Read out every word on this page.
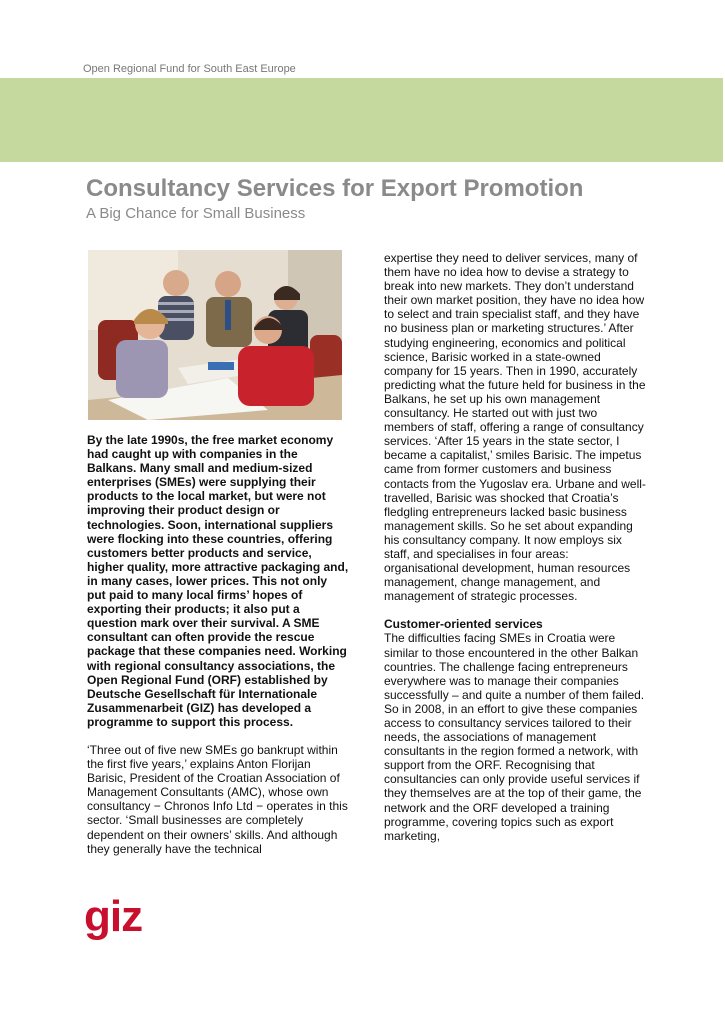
Open Regional Fund for South East Europe
Consultancy Services for Export Promotion
A Big Chance for Small Business

By the late 1990s, the free market economy had caught up with companies in the Balkans. Many small and medium-sized enterprises (SMEs) were supplying their products to the local market, but were not improving their product design or technologies. Soon, international suppliers were flocking into these countries, offering customers better products and service, higher quality, more attractive packaging and, in many cases, lower prices. This not only put paid to many local firms’ hopes of exporting their products; it also put a question mark over their survival. A SME consultant can often provide the rescue package that these companies need. Working with regional consultancy associations, the Open Regional Fund (ORF) established by Deutsche Gesellschaft für Internationale Zusammenarbeit (GIZ) has developed a programme to support this process.

‘Three out of five new SMEs go bankrupt within the first five years,’ explains Anton Florijan Barisic, President of the Croatian Association of Management Consultants (AMC), whose own consultancy − Chronos Info Ltd − operates in this sector. ‘Small businesses are completely dependent on their owners’ skills. And although they generally have the technical

expertise they need to deliver services, many of them have no idea how to devise a strategy to break into new markets. They don’t understand their own market position, they have no idea how to select and train specialist staff, and they have no business plan or marketing structures.’ After studying engineering, economics and political science, Barisic worked in a state-owned company for 15 years. Then in 1990, accurately predicting what the future held for business in the Balkans, he set up his own management consultancy. He started out with just two members of staff, offering a range of consultancy services. ‘After 15 years in the state sector, I became a capitalist,’ smiles Barisic. The impetus came from former customers and business contacts from the Yugoslav era. Urbane and well-travelled, Barisic was shocked that Croatia’s fledgling entrepreneurs lacked basic business management skills. So he set about expanding his consultancy company. It now employs six staff, and specialises in four areas: organisational development, human resources management, change management, and management of strategic processes.

Customer-oriented services

The difficulties facing SMEs in Croatia were similar to those encountered in the other Balkan countries. The challenge facing entrepreneurs everywhere was to manage their companies successfully – and quite a number of them failed. So in 2008, in an effort to give these companies access to consultancy services tailored to their needs, the associations of management consultants in the region formed a network, with support from the ORF. Recognising that consultancies can only provide useful services if they themselves are at the top of their game, the network and the ORF developed a training programme, covering topics such as export marketing,

giz
